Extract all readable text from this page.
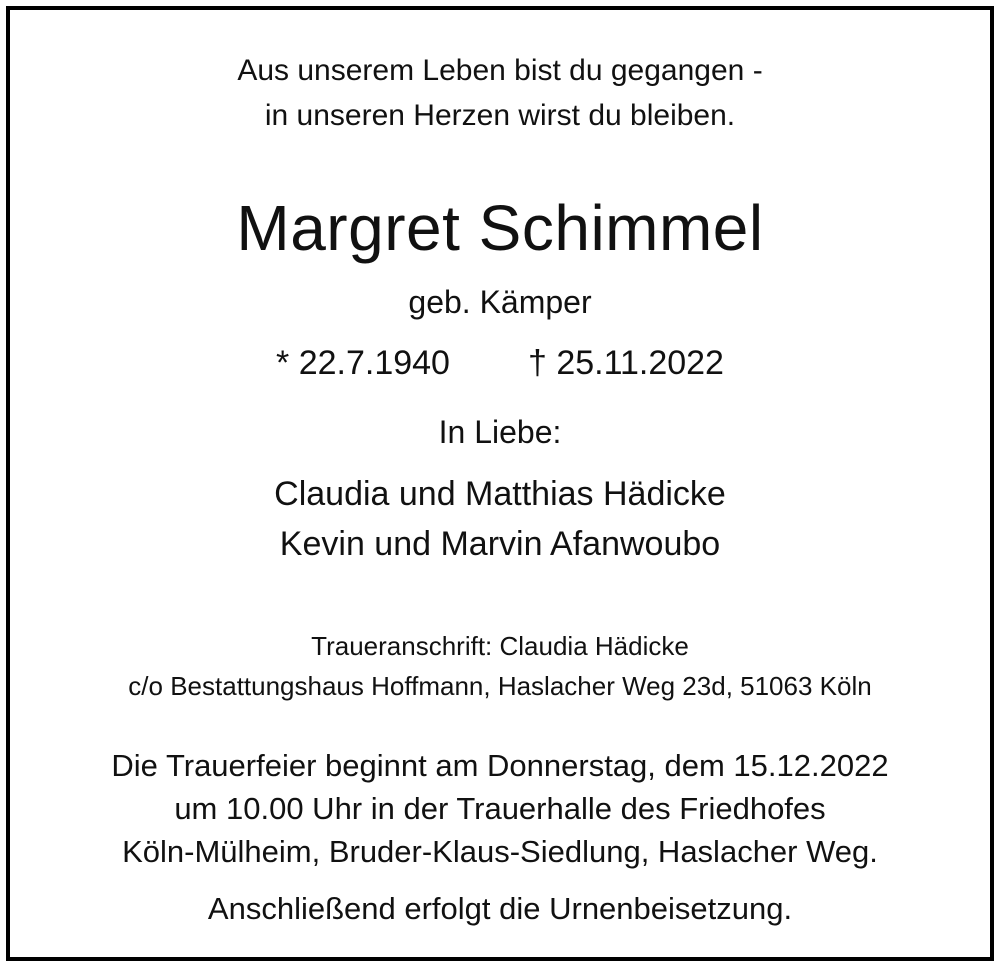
Aus unserem Leben bist du gegangen -
in unseren Herzen wirst du bleiben.
Margret Schimmel
geb. Kämper
* 22.7.1940 † 25.11.2022
In Liebe:
Claudia und Matthias Hädicke
Kevin und Marvin Afanwoubo
Traueranschrift: Claudia Hädicke
c/o Bestattungshaus Hoffmann, Haslacher Weg 23d, 51063 Köln
Die Trauerfeier beginnt am Donnerstag, dem 15.12.2022
um 10.00 Uhr in der Trauerhalle des Friedhofes
Köln-Mülheim, Bruder-Klaus-Siedlung, Haslacher Weg.
Anschließend erfolgt die Urnenbeisetzung.
